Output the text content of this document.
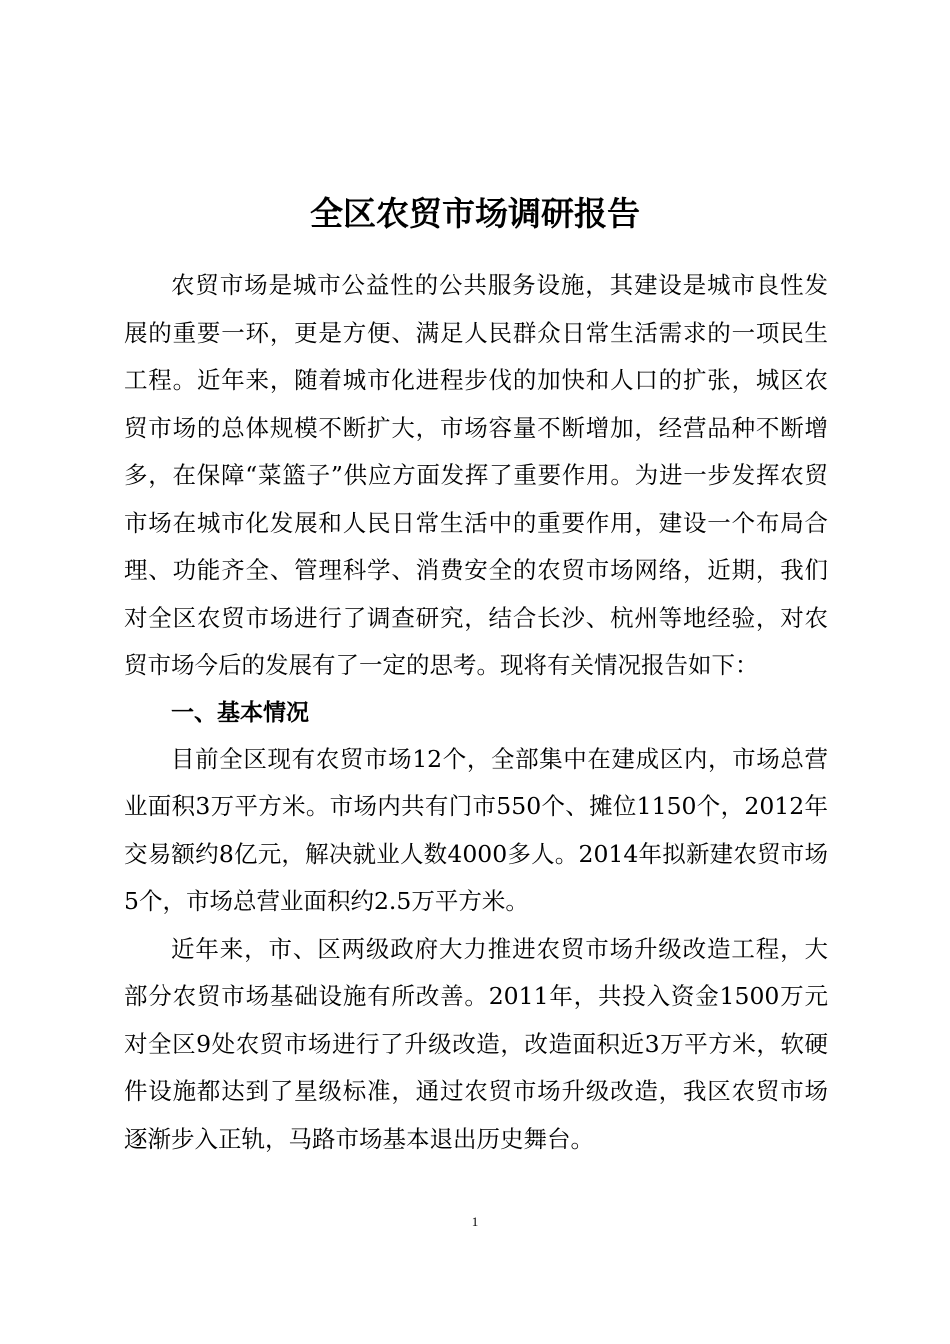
全区农贸市场调研报告

农贸市场是城市公益性的公共服务设施，其建设是城市良性发展的重要一环，更是方便、满足人民群众日常生活需求的一项民生工程。近年来，随着城市化进程步伐的加快和人口的扩张，城区农贸市场的总体规模不断扩大，市场容量不断增加，经营品种不断增多，在保障“菜篮子”供应方面发挥了重要作用。为进一步发挥农贸市场在城市化发展和人民日常生活中的重要作用，建设一个布局合理、功能齐全、管理科学、消费安全的农贸市场网络，近期，我们对全区农贸市场进行了调查研究，结合长沙、杭州等地经验，对农贸市场今后的发展有了一定的思考。现将有关情况报告如下：

一、基本情况

目前全区现有农贸市场12个，全部集中在建成区内，市场总营业面积3万平方米。市场内共有门市550个、摊位1150个，2012年交易额约8亿元，解决就业人数4000多人。2014年拟新建农贸市场5个，市场总营业面积约2.5万平方米。

近年来，市、区两级政府大力推进农贸市场升级改造工程，大部分农贸市场基础设施有所改善。2011年，共投入资金1500万元对全区9处农贸市场进行了升级改造，改造面积近3万平方米，软硬件设施都达到了星级标准，通过农贸市场升级改造，我区农贸市场逐渐步入正轨，马路市场基本退出历史舞台。

1
